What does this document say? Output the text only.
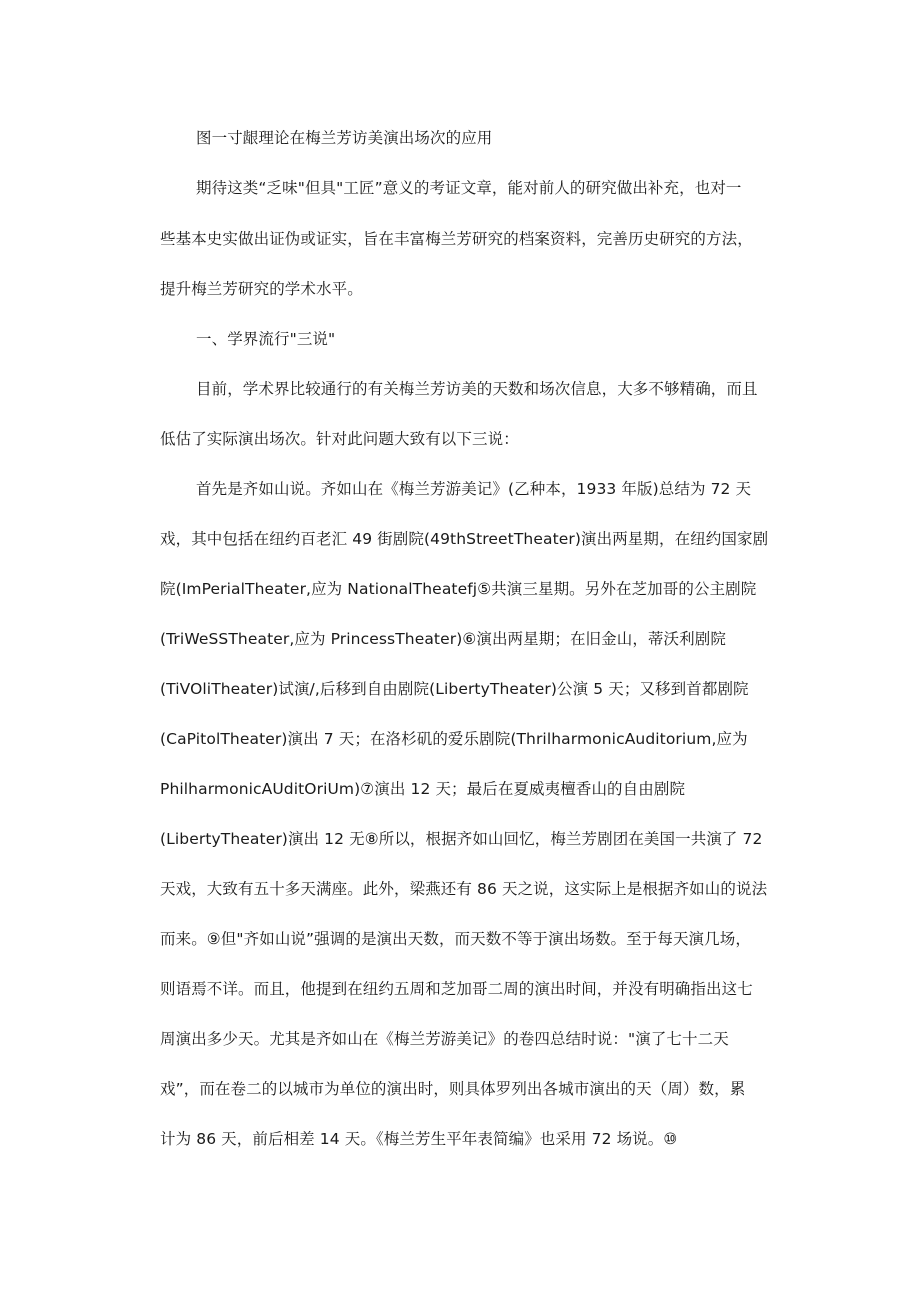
图一寸龈理论在梅兰芳访美演出场次的应用
期待这类“乏味"但具"工匠”意义的考证文章，能对前人的研究做出补充，也对一
些基本史实做出证伪或证实，旨在丰富梅兰芳研究的档案资料，完善历史研究的方法，
提升梅兰芳研究的学术水平。
一、学界流行"三说"
目前，学术界比较通行的有关梅兰芳访美的天数和场次信息，大多不够精确，而且
低估了实际演出场次。针对此问题大致有以下三说：
首先是齐如山说。齐如山在《梅兰芳游美记》(乙种本，1933 年版)总结为 72 天
戏，其中包括在纽约百老汇 49 街剧院(49thStreetTheater)演出两星期，在纽约国家剧
院(ImPerialTheater,应为 NationalTheatefj⑤共演三星期。另外在芝加哥的公主剧院
(TriWeSSTheater,应为 PrincessTheater)⑥演出两星期；在旧金山，蒂沃利剧院
(TiVOliTheater)试演/,后移到自由剧院(LibertyTheater)公演 5 天；又移到首都剧院
(CaPitolTheater)演出 7 天；在洛杉矶的爱乐剧院(ThrilharmonicAuditorium,应为
PhilharmonicAUditOriUm)⑦演出 12 天；最后在夏威夷檀香山的自由剧院
(LibertyTheater)演出 12 无⑧所以，根据齐如山回忆，梅兰芳剧团在美国一共演了 72
天戏，大致有五十多天满座。此外，梁燕还有 86 天之说，这实际上是根据齐如山的说法
而来。⑨但"齐如山说”强调的是演出天数，而天数不等于演出场数。至于每天演几场，
则语焉不详。而且，他提到在纽约五周和芝加哥二周的演出时间，并没有明确指出这七
周演出多少天。尤其是齐如山在《梅兰芳游美记》的卷四总结时说："演了七十二天
戏”，而在卷二的以城市为单位的演出时，则具体罗列出各城市演出的天（周）数，累
计为 86 天，前后相差 14 天。《梅兰芳生平年表简编》也采用 72 场说。⑩
